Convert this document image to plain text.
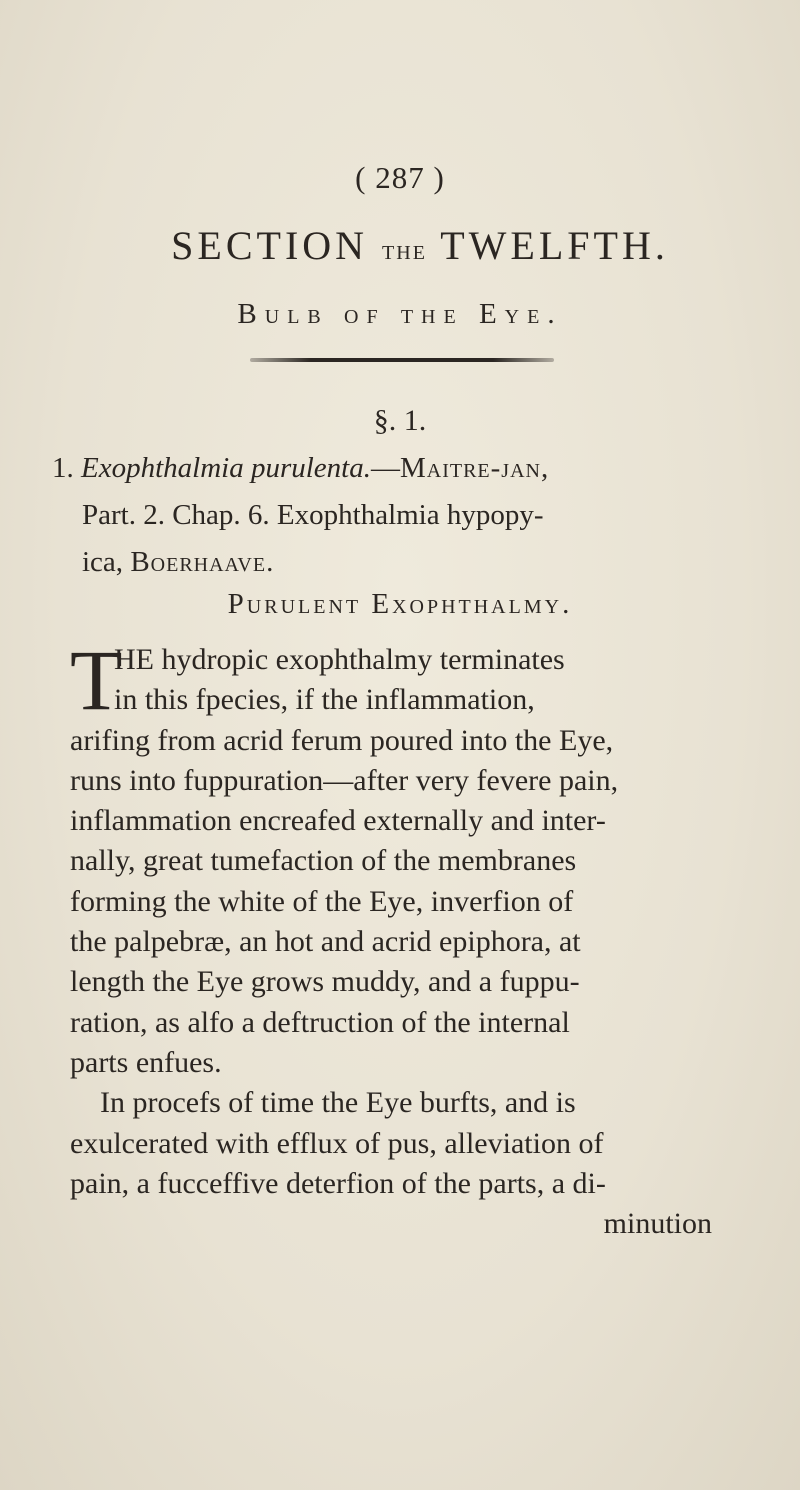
( 287 )
SECTION THE TWELFTH.
Bulb of the Eye.
§. 1.
1. Exophthalmia purulenta.—Maitre-jan,
Part. 2. Chap. 6. Exophthalmia hypopy-
ica, Boerhaave.
Purulent Exophthalmy.
T
HE hydropic exophthalmy terminates
in this fpecies, if the inflammation,
arifing from acrid ferum poured into the Eye,
runs into fuppuration—after very fevere pain,
inflammation encreafed externally and inter-
nally, great tumefaction of the membranes
forming the white of the Eye, inverfion of
the palpebræ, an hot and acrid epiphora, at
length the Eye grows muddy, and a fuppu-
ration, as alfo a deftruction of the internal
parts enfues.
In procefs of time the Eye burfts, and is
exulcerated with efflux of pus, alleviation of
pain, a fucceffive deterfion of the parts, a di-
minution
